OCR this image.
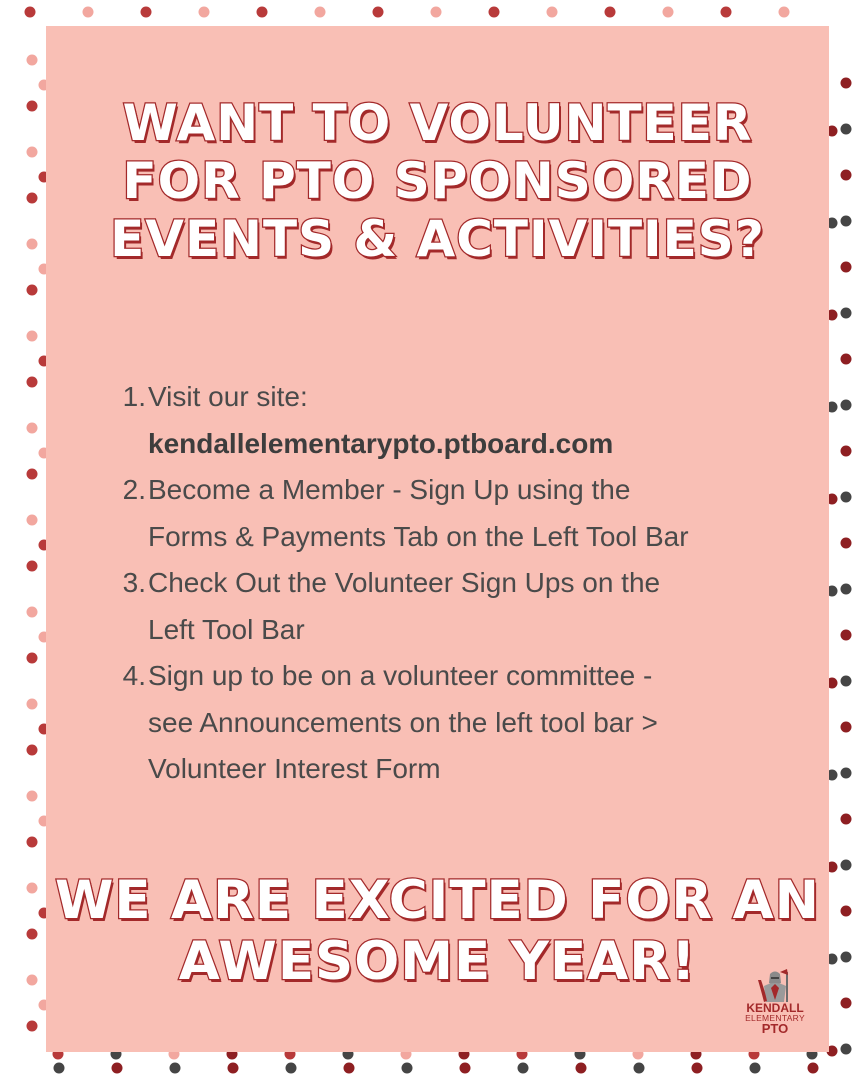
WANT TO VOLUNTEER
FOR PTO SPONSORED
EVENTS & ACTIVITIES?
1. Visit our site:
kendallelementarypto.ptboard.com
2. Become a Member - Sign Up using the
Forms & Payments Tab on the Left Tool Bar
3. Check Out the Volunteer Sign Ups on the
Left Tool Bar
4. Sign up to be on a volunteer committee -
see Announcements on the left tool bar >
Volunteer Interest Form
WE ARE EXCITED FOR AN
AWESOME YEAR!
KENDALL
ELEMENTARY
PTO
